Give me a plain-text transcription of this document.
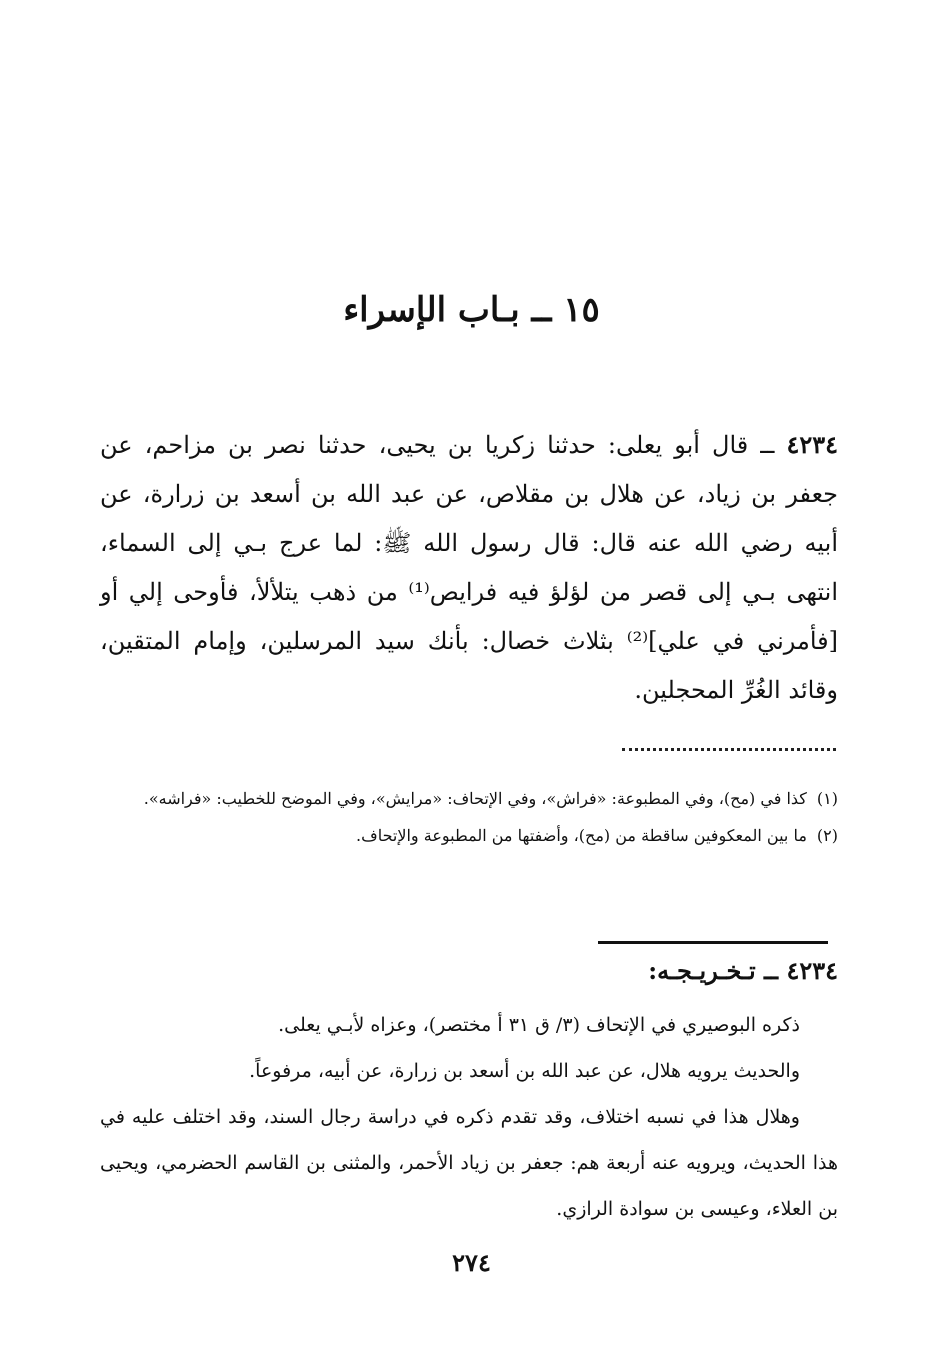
١٥ ــ بـاب الإسراء

٤٢٣٤ ــ قال أبو يعلى: حدثنا زكريا بن يحيى، حدثنا نصر بن مزاحم، عن جعفر بن زياد، عن هلال بن مقلاص، عن عبد الله بن أسعد بن زرارة، عن أبيه رضي الله عنه قال: قال رسول الله ﷺ: لما عرج بـي إلى السماء، انتهى بـي إلى قصر من لؤلؤ فيه فرايص⁽¹⁾ من ذهب يتلألأ، فأوحى إلي أو [فأمرني في علي]⁽²⁾ بثلاث خصال: بأنك سيد المرسلين، وإمام المتقين، وقائد الغُرِّ المحجلين.

(١)كذا في (مح)، وفي المطبوعة: «فراش»، وفي الإتحاف: «مرايش»، وفي الموضح للخطيب: «فراشه».

(٢)ما بين المعكوفين ساقطة من (مح)، وأضفتها من المطبوعة والإتحاف.

٤٢٣٤ ــ تـخـريـجـه:

ذكره البوصيري في الإتحاف (٣/ ق ٣١ أ مختصر)، وعزاه لأبـي يعلى.

والحديث يرويه هلال، عن عبد الله بن أسعد بن زرارة، عن أبيه، مرفوعاً.

وهلال هذا في نسبه اختلاف، وقد تقدم ذكره في دراسة رجال السند، وقد اختلف عليه في هذا الحديث، ويرويه عنه أربعة هم: جعفر بن زياد الأحمر، والمثنى بن القاسم الحضرمي، ويحيى بن العلاء، وعيسى بن سوادة الرازي.

٢٧٤
